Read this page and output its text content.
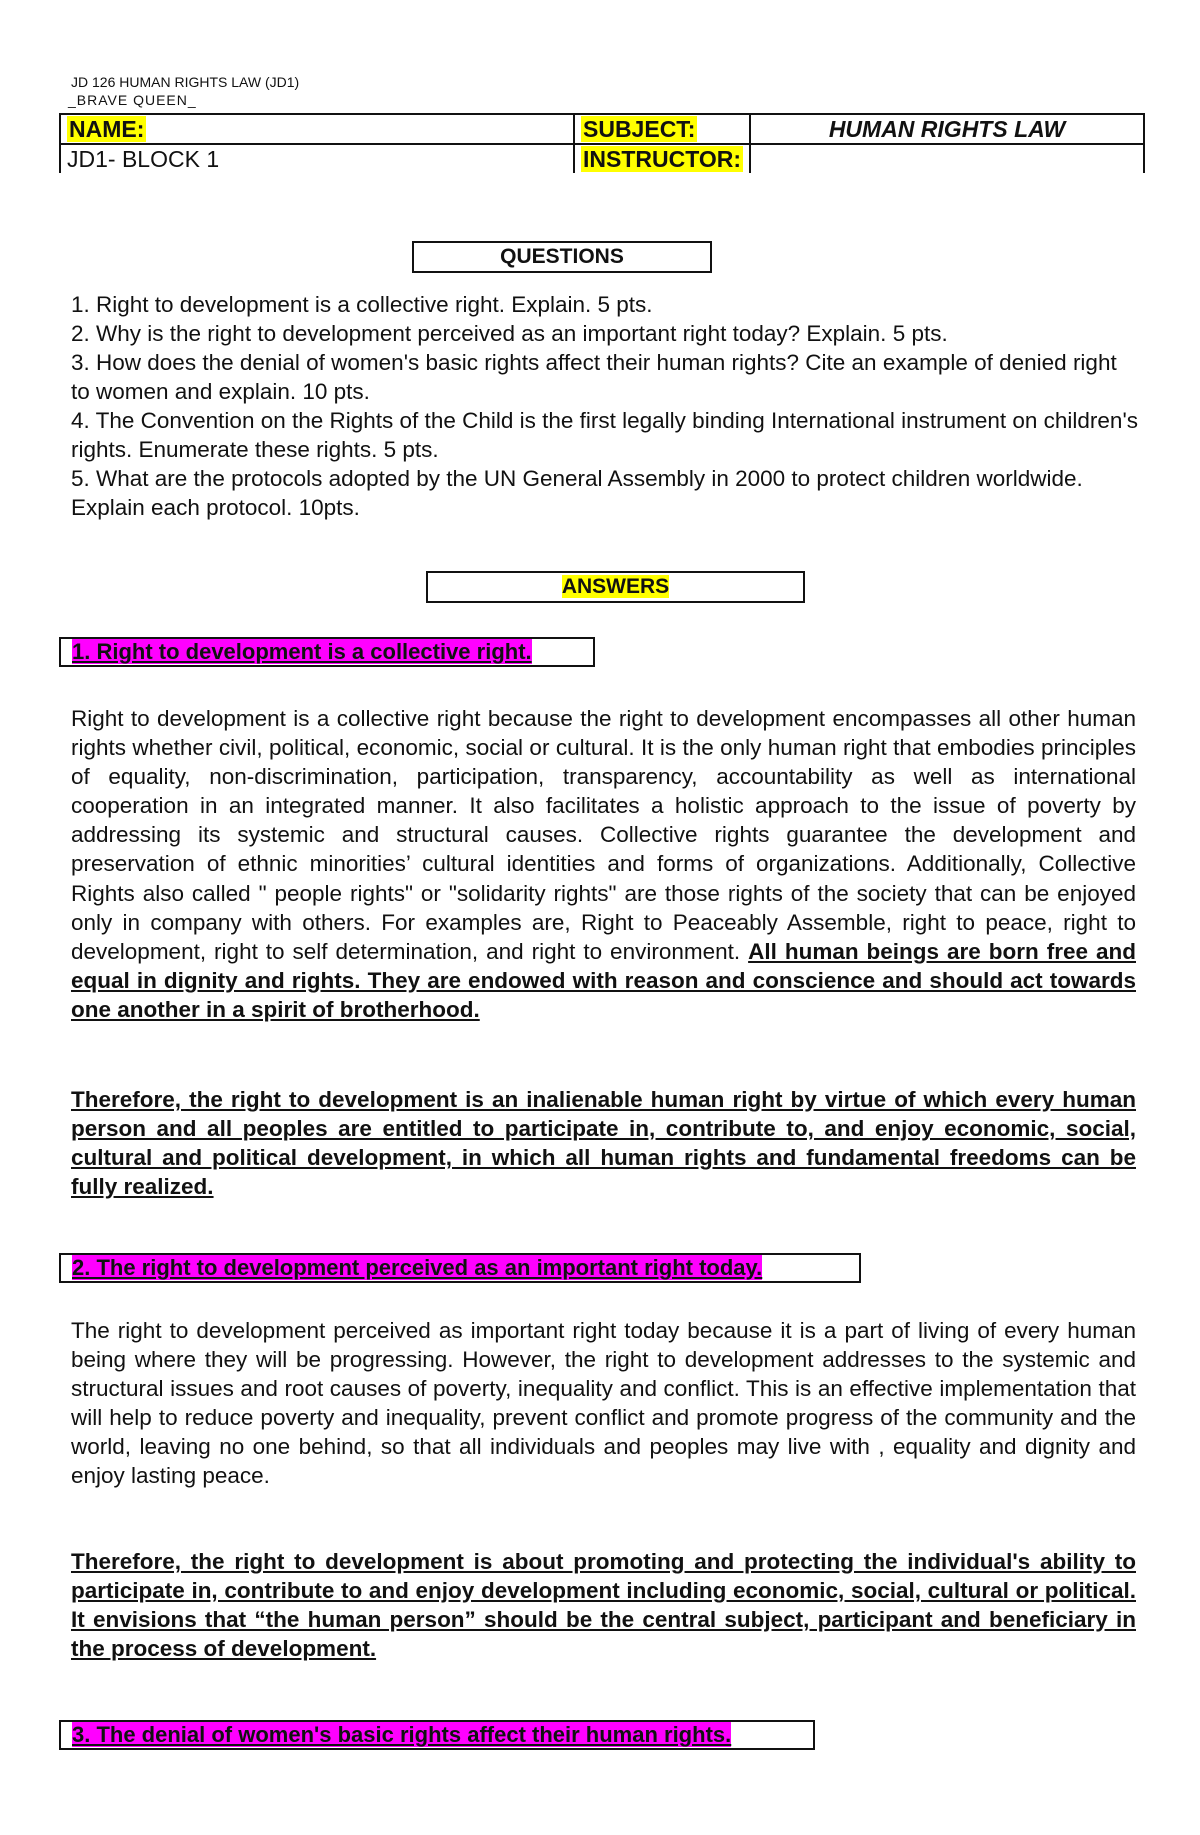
JD 126 HUMAN RIGHTS LAW (JD1)
_BRAVE QUEEN_
NAME:	SUBJECT:	HUMAN RIGHTS LAW
JD1- BLOCK 1	INSTRUCTOR:	
QUESTIONS
1. Right to development is a collective right. Explain. 5 pts.
2. Why is the right to development perceived as an important right today? Explain. 5 pts.
3. How does the denial of women's basic rights affect their human rights? Cite an example of denied right to women and explain. 10 pts.
4. The Convention on the Rights of the Child is the first legally binding International instrument on children's rights. Enumerate these rights. 5 pts.
5. What are the protocols adopted by the UN General Assembly in 2000 to protect children worldwide. Explain each protocol. 10pts.
ANSWERS
1. Right to development is a collective right.

Right to development is a collective right because the right to development encompasses all other human rights whether civil, political, economic, social or cultural. It is the only human right that embodies principles of equality, non-discrimination, participation, transparency, accountability as well as international cooperation in an integrated manner. It also facilitates a holistic approach to the issue of poverty by addressing its systemic and structural causes. Collective rights guarantee the development and preservation of ethnic minorities’ cultural identities and forms of organizations. Additionally, Collective Rights also called " people rights" or "solidarity rights" are those rights of the society that can be enjoyed only in company with others. For examples are, Right to Peaceably Assemble, right to peace, right to development, right to self determination, and right to environment. All human beings are born free and equal in dignity and rights. They are endowed with reason and conscience and should act towards one another in a spirit of brotherhood.

Therefore, the right to development is an inalienable human right by virtue of which every human person and all peoples are entitled to participate in, contribute to, and enjoy economic, social, cultural and political development, in which all human rights and fundamental freedoms can be fully realized.

2. The right to development perceived as an important right today.

The right to development perceived as important right today because it is a part of living of every human being where they will be progressing. However, the right to development addresses to the systemic and structural issues and root causes of poverty, inequality and conflict. This is an effective implementation that will help to reduce poverty and inequality, prevent conflict and promote progress of the community and the world, leaving no one behind, so that all individuals and peoples may live with , equality and dignity and enjoy lasting peace.

Therefore, the right to development is about promoting and protecting the individual's ability to participate in, contribute to and enjoy development including economic, social, cultural or political. It envisions that “the human person” should be the central subject, participant and beneficiary in the process of development.

3. The denial of women's basic rights affect their human rights.
